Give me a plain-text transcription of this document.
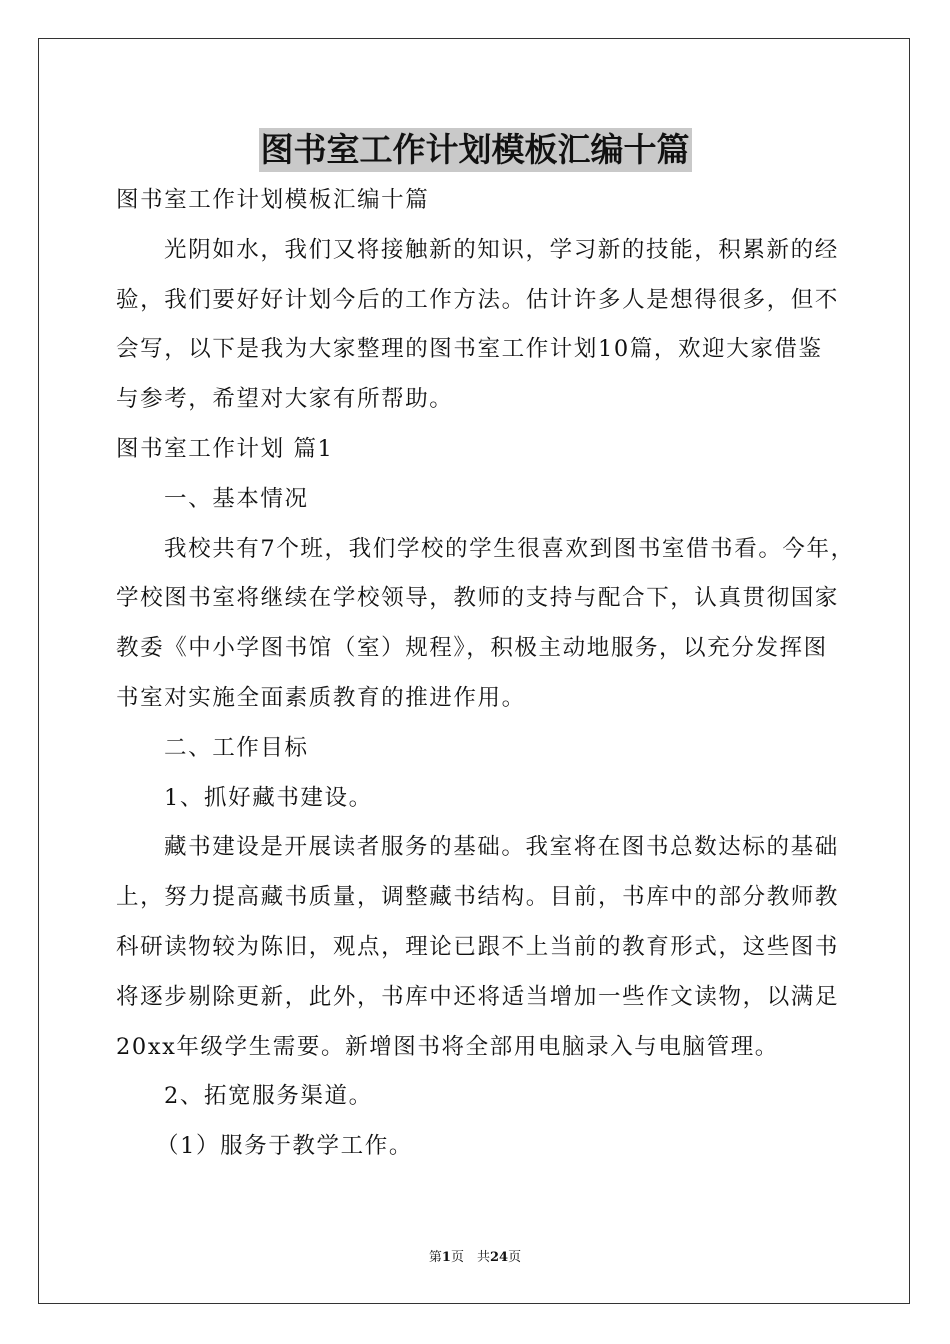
图书室工作计划模板汇编十篇
图书室工作计划模板汇编十篇
光阴如水，我们又将接触新的知识，学习新的技能，积累新的经
验，我们要好好计划今后的工作方法。估计许多人是想得很多，但不
会写，以下是我为大家整理的图书室工作计划10篇，欢迎大家借鉴
与参考，希望对大家有所帮助。
图书室工作计划 篇1
一、基本情况
我校共有7个班，我们学校的学生很喜欢到图书室借书看。今年，
学校图书室将继续在学校领导，教师的支持与配合下，认真贯彻国家
教委《中小学图书馆（室）规程》，积极主动地服务，以充分发挥图
书室对实施全面素质教育的推进作用。
二、工作目标
1、抓好藏书建设。
藏书建设是开展读者服务的基础。我室将在图书总数达标的基础
上，努力提高藏书质量，调整藏书结构。目前，书库中的部分教师教
科研读物较为陈旧，观点，理论已跟不上当前的教育形式，这些图书
将逐步剔除更新，此外，书库中还将适当增加一些作文读物，以满足
20xx年级学生需要。新增图书将全部用电脑录入与电脑管理。
2、拓宽服务渠道。
（1）服务于教学工作。
第1页　共24页
